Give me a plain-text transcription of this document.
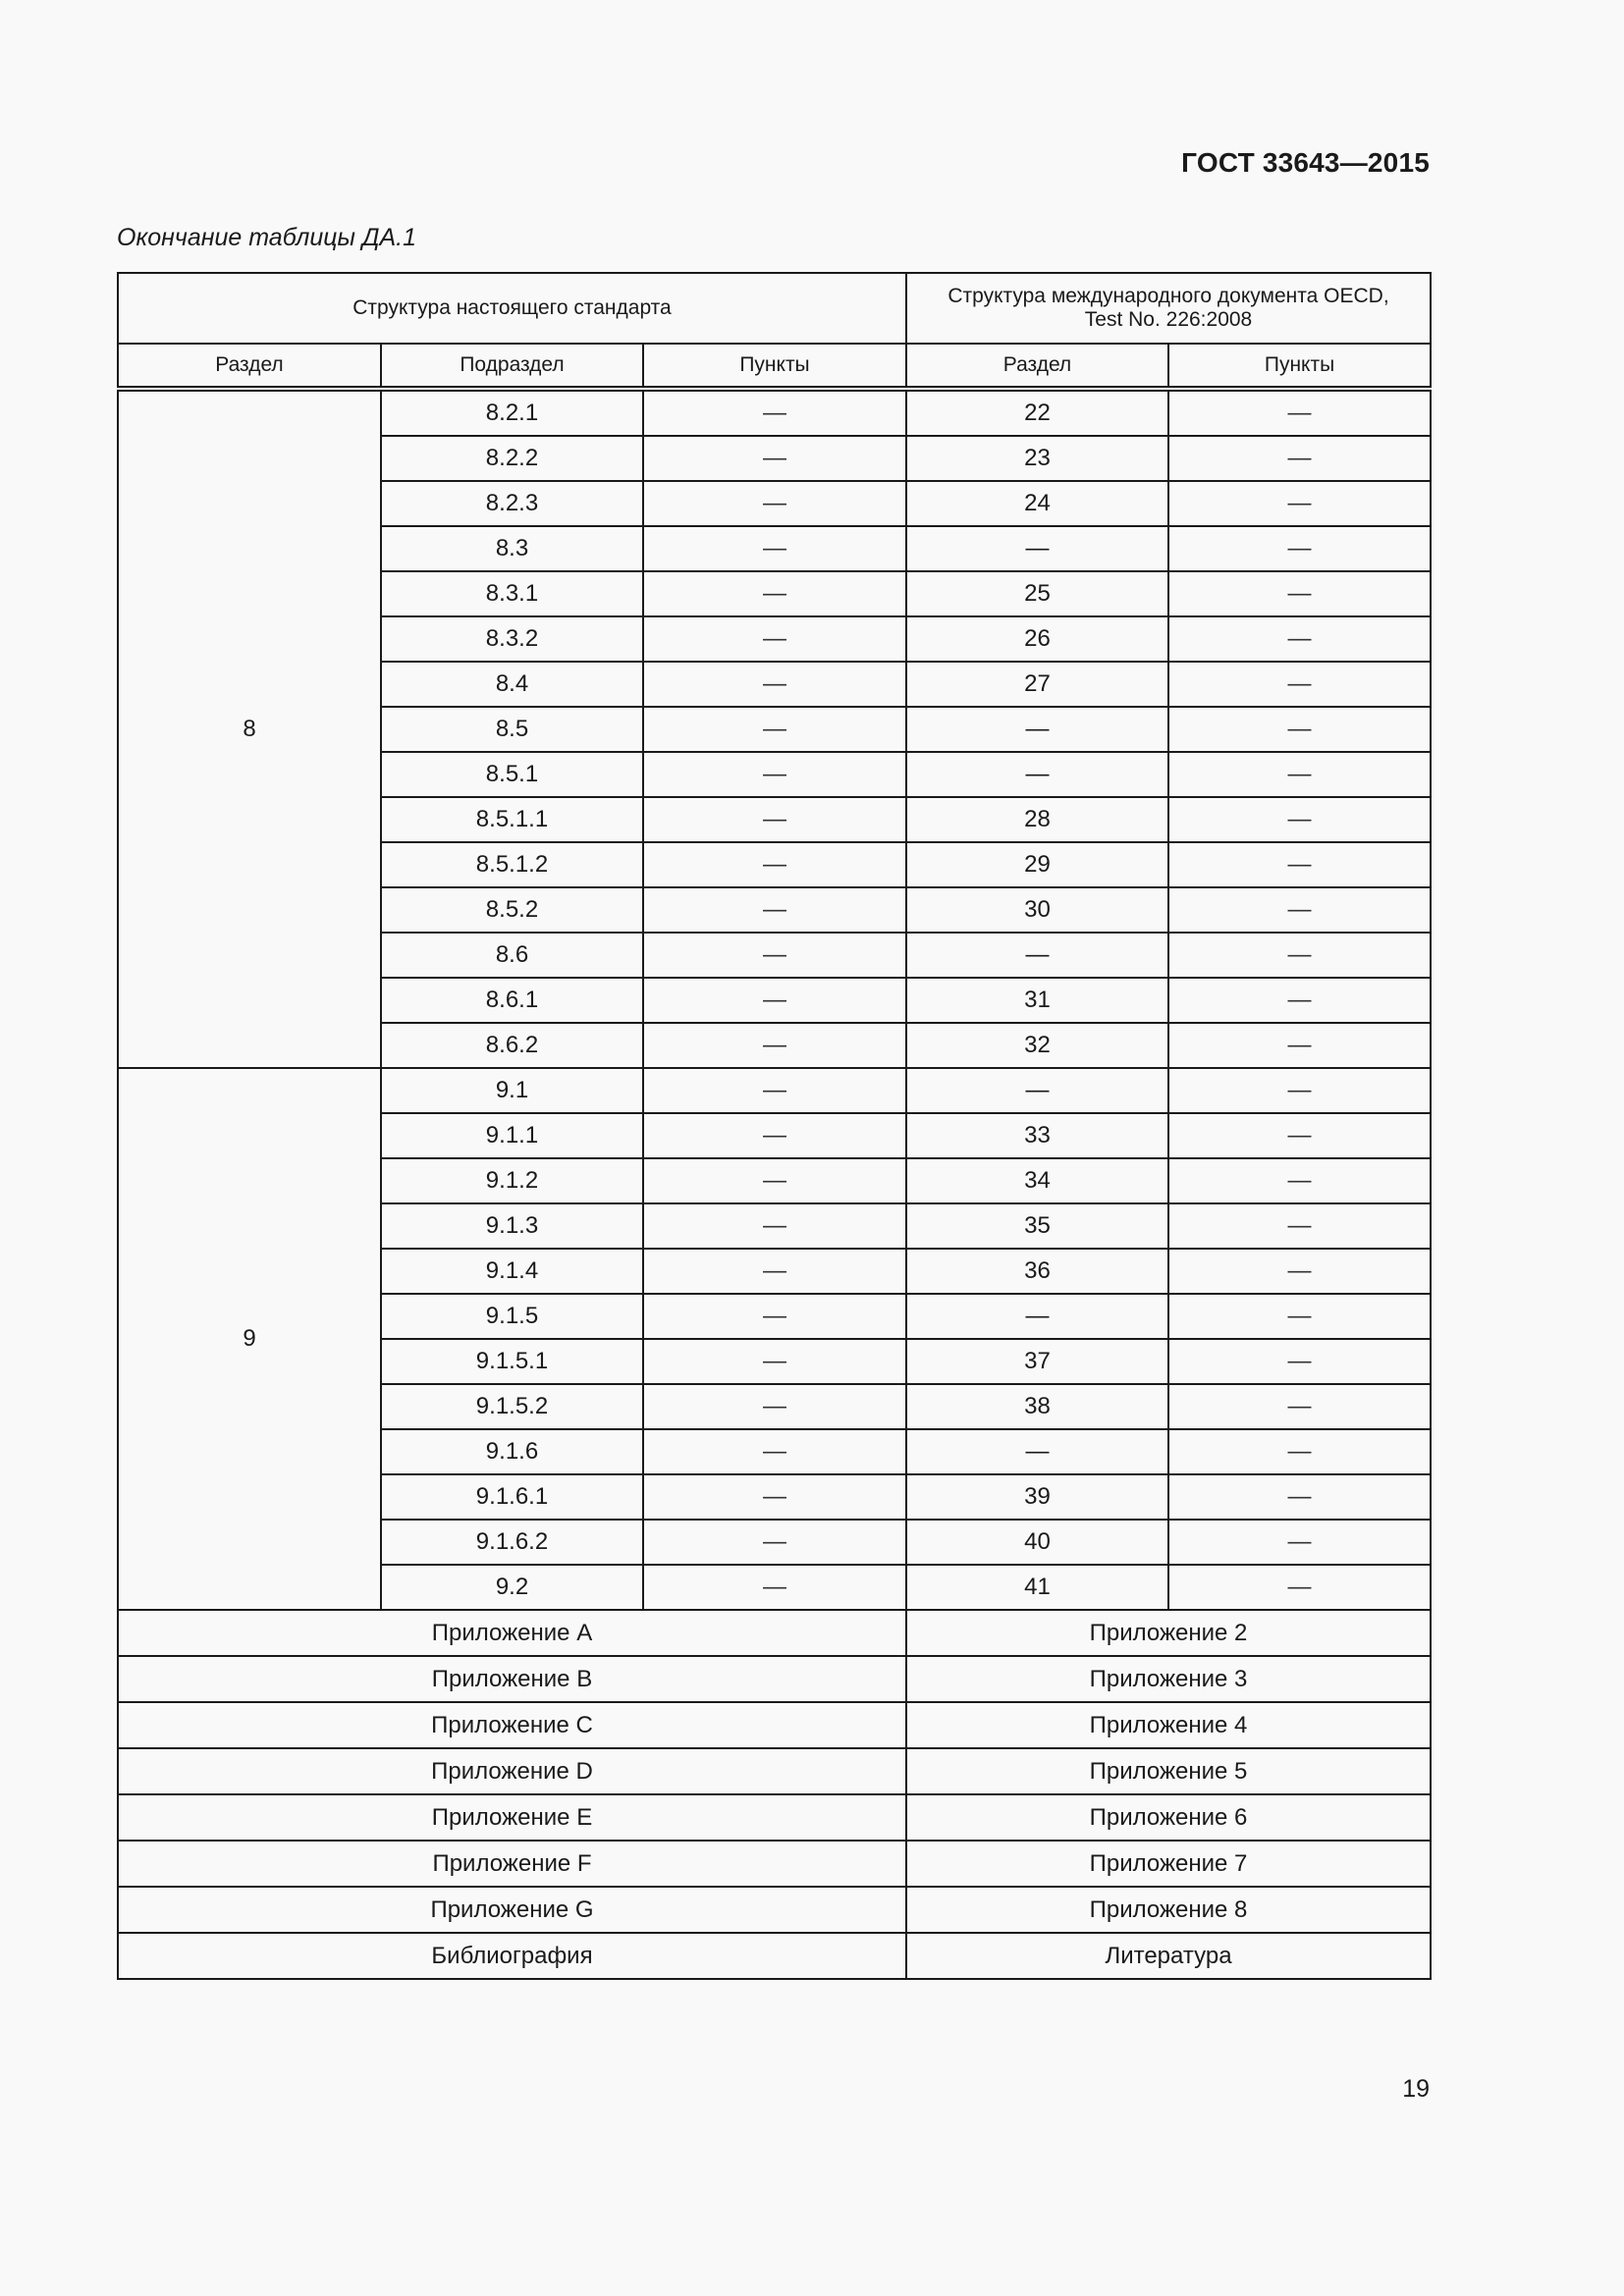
ГОСТ 33643—2015
Окончание таблицы ДА.1
Структура настоящего стандарта			Структура международного документа OECD,
Test No. 226:2008	

Раздел	Подраздел	Пункты	Раздел	Пункты
8	8.2.1	—	22	—
	8.2.2	—	23	—
	8.2.3	—	24	—
	8.3	—	—	—
	8.3.1	—	25	—
	8.3.2	—	26	—
	8.4	—	27	—
	8.5	—	—	—
	8.5.1	—	—	—
	8.5.1.1	—	28	—
	8.5.1.2	—	29	—
	8.5.2	—	30	—
	8.6	—	—	—
	8.6.1	—	31	—
	8.6.2	—	32	—
9	9.1	—	—	—
	9.1.1	—	33	—
	9.1.2	—	34	—
	9.1.3	—	35	—
	9.1.4	—	36	—
	9.1.5	—	—	—
	9.1.5.1	—	37	—
	9.1.5.2	—	38	—
	9.1.6	—	—	—
	9.1.6.1	—	39	—
	9.1.6.2	—	40	—
	9.2	—	41	—
Приложение A			Приложение 2	
Приложение B			Приложение 3	
Приложение C			Приложение 4	
Приложение D			Приложение 5	
Приложение E			Приложение 6	
Приложение F			Приложение 7	
Приложение G			Приложение 8	
Библиография			Литература	
19
